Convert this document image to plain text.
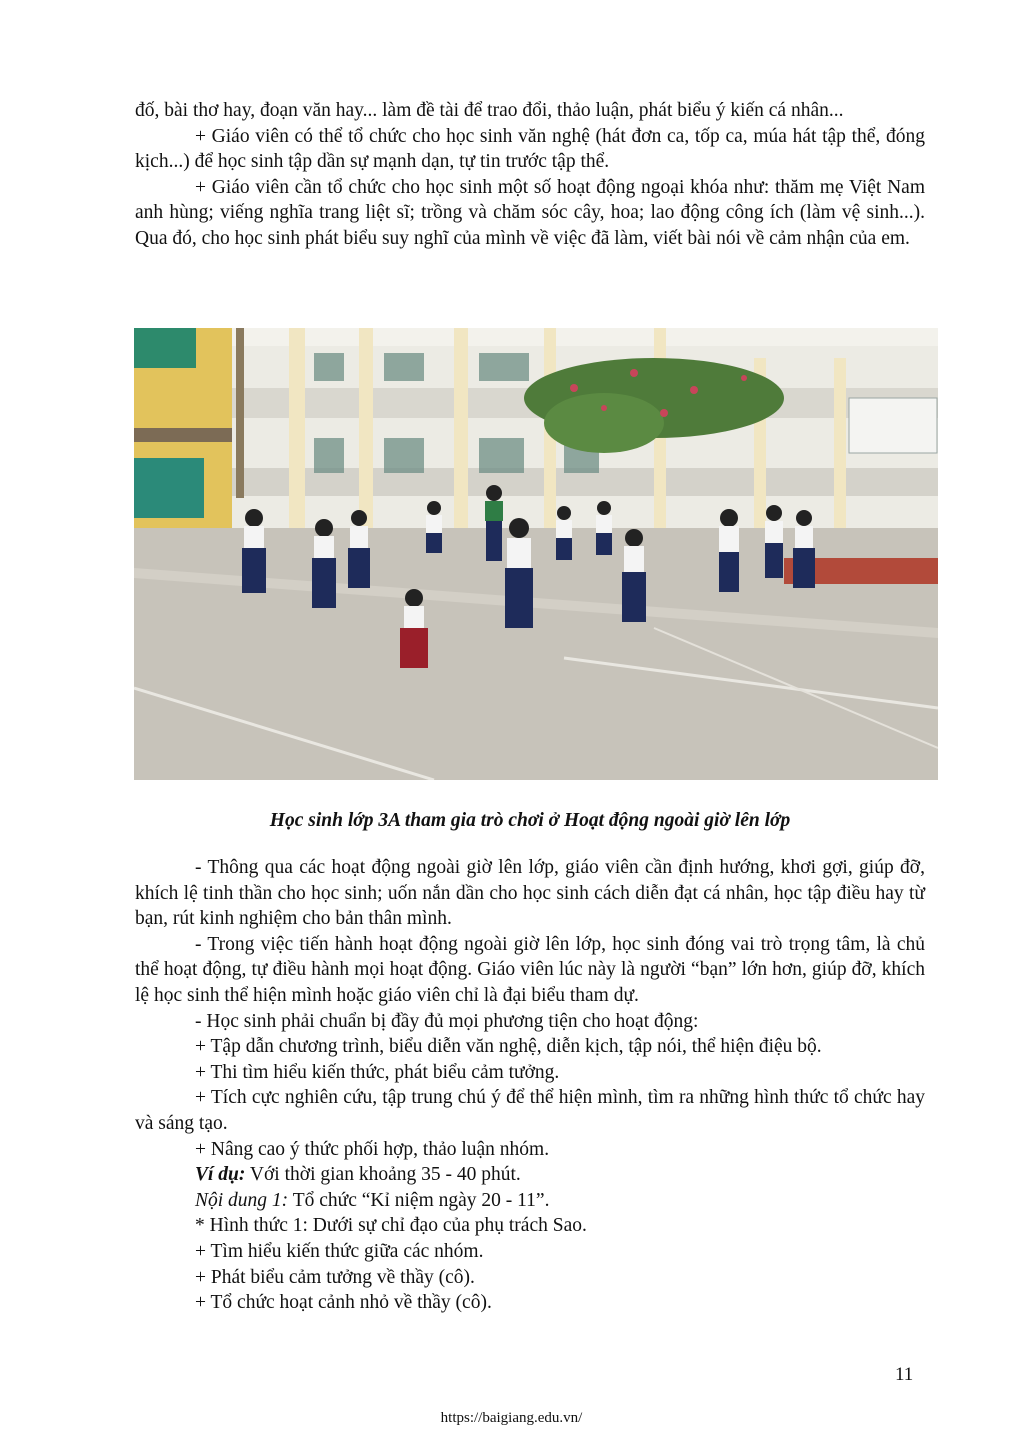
đố, bài thơ hay, đoạn văn hay... làm đề tài để trao đổi, thảo luận, phát biểu ý kiến cá nhân...

+ Giáo viên có thể tổ chức cho học sinh văn nghệ (hát đơn ca, tốp ca, múa hát tập thể, đóng kịch...) để học sinh tập dần sự mạnh dạn, tự tin trước tập thể.

+ Giáo viên cần tổ chức cho học sinh một số hoạt động ngoại khóa như: thăm mẹ Việt Nam anh hùng; viếng nghĩa trang liệt sĩ; trồng và chăm sóc cây, hoa; lao động công ích (làm vệ sinh...). Qua đó, cho học sinh phát biểu suy nghĩ của mình về việc đã làm, viết bài nói về cảm nhận của em.

Học sinh lớp 3A tham gia trò chơi ở Hoạt động ngoài giờ lên lớp

- Thông qua các hoạt động ngoài giờ lên lớp, giáo viên cần định hướng, khơi gợi, giúp đỡ, khích lệ tinh thần cho học sinh; uốn nắn dần cho học sinh cách diễn đạt cá nhân, học tập điều hay từ bạn, rút kinh nghiệm cho bản thân mình.

- Trong việc tiến hành hoạt động ngoài giờ lên lớp, học sinh đóng vai trò trọng tâm, là chủ thể hoạt động, tự điều hành mọi hoạt động. Giáo viên lúc này là người “bạn” lớn hơn, giúp đỡ, khích lệ học sinh thể hiện mình hoặc giáo viên chỉ là đại biểu tham dự.

- Học sinh phải chuẩn bị đầy đủ mọi phương tiện cho hoạt động:

+ Tập dẫn chương trình, biểu diễn văn nghệ, diễn kịch, tập nói, thể hiện điệu bộ.

+ Thi tìm hiểu kiến thức, phát biểu cảm tưởng.

+ Tích cực nghiên cứu, tập trung chú ý để thể hiện mình, tìm ra những hình thức tổ chức hay và sáng tạo.

+ Nâng cao ý thức phối hợp, thảo luận nhóm.

Ví dụ: Với thời gian khoảng 35 - 40 phút.

Nội dung 1: Tổ chức “Kỉ niệm ngày 20 - 11”.

* Hình thức 1: Dưới sự chỉ đạo của phụ trách Sao.

+ Tìm hiểu kiến thức giữa các nhóm.

+ Phát biểu cảm tưởng về thầy (cô).

+ Tổ chức hoạt cảnh nhỏ về thầy (cô).

11
https://baigiang.edu.vn/
